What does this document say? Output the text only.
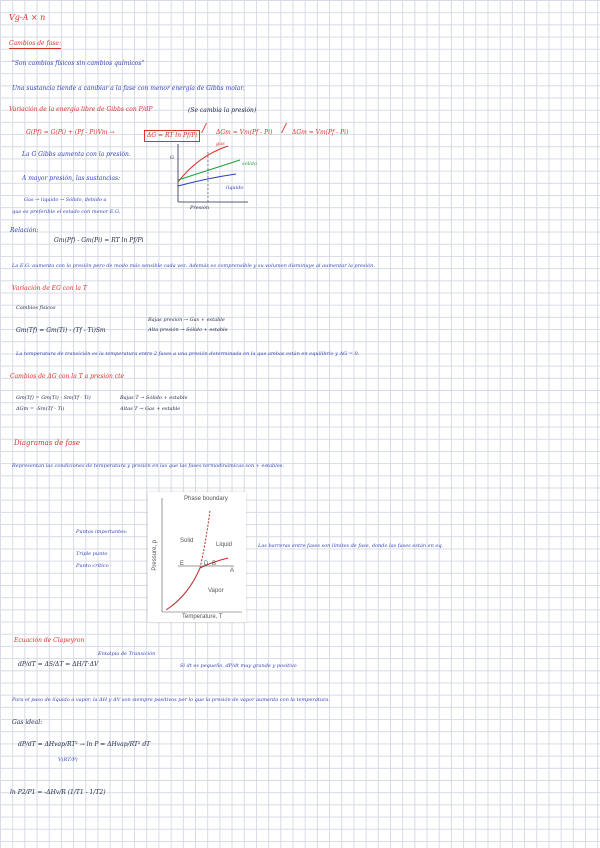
Vg-A × n
Cambios de fase:
"Son cambios físicos sin cambios químicos"
Una sustancia tiende a cambiar a la fase con menor energía de Gibbs molar.
Variación de la energía libre de Gibbs con P/dP	(Se cambia la presión)
G(Pf) = G(Pi) + (Pf - Pi)Vm →	ΔG = RT ln Pf/Pi
/ ΔGm = Vm(Pf - Pi) / ΔGm = Vm(Pf - Pi)
La G Gibbs aumenta con la presión.
A mayor presión, las sustancias:
Gas → líquido → Sólido, debido a
que es preferible el estado con menor E.G.
G
Presión
gas
sólido
líquido
Relación:
Gm(Pf) - Gm(Pi) = RT ln Pf/Pi
La E.G. aumenta con la presión pero de modo más sensible cada vez. Además es comprensible y su volumen disminuye al aumentar la presión.
Variación de EG con la T
Cambios físicos
Gm(Tf) = Gm(Ti) - (Tf - Ti)Sm
Bajas presión → Gas + estable
Alta presión → Sólido + estable
La temperatura de transición es la temperatura entre 2 fases a una presión determinada en la que ambas están en equilibrio y ΔG = 0.
Cambios de ΔG con la T a presión cte
Gm(Tf) = Gm(Ti) - Sm(Tf - Ti)
ΔGm = -Sm(Tf - Ti)
Bajas T → Sólido + estable
Altas T → Gas + estable
Diagramas de fase
Representan las condiciones de temperatura y presión en las que las fases termodinámicas son + estables.
Puntos importantes:
Triple punto
Punto crítico
Las barreras entre fases son límites de fase, donde las fases están en eq.
Phase boundary
Solid
Liquid
Vapor
E	D B
A
Temperature, T
Pressure, p
Ecuación de Clapeyron
dP/dT = ΔS/ΔT = ΔH/T·ΔV
Entalpía de Transición
Si dt es pequeño, dP/dt muy grande y positivo
Para el paso de líquido a vapor, la ΔH y ΔV son siempre positivos por lo que la presión de vapor aumenta con la temperatura.
Gas ideal:
dP/dT = ΔHvap/RT² → ln P = ΔHvap/RT² dT
V(RT/P)
ln P2/P1 = -ΔHv/R (1/T1 - 1/T2)
